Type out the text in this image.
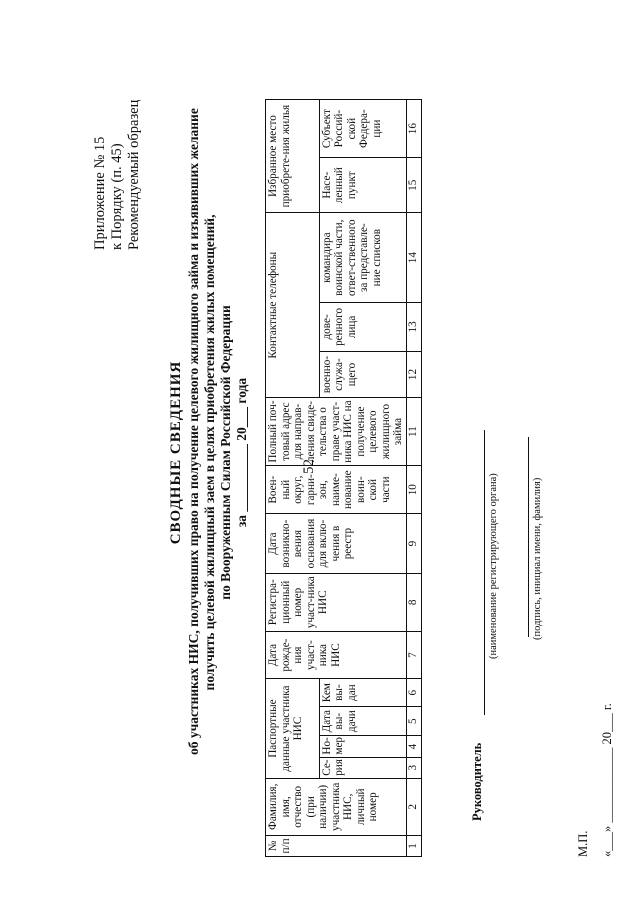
52
Приложение № 15 к Порядку (п. 45) Рекомендуемый образец
СВОДНЫЕ СВЕДЕНИЯ об участниках НИС, получивших право на получение целевого жилищного займа и изъявивших желание получить целевой жилищный заем в целях приобретения жилых помещений, по Вооруженным Силам Российской Федерации за __________ 20___ года
№ п/п	Фамилия, имя, отчество (при наличии) участника НИС, личный номер	Паспортные данные участника НИС				Дата рожде-ния участ-ника НИС	Регистра-ционный номер участ-ника НИС	Дата возникно-вения основания для вклю-чения в реестр	Воен-ный округ, гарни-зон, наиме-нование воин-ской части	Полный поч-товый адрес для направ-ления свиде-тельства о праве участ-ника НИС на получение целевого жилищного займа	Контактные телефоны			Избранное место приобрете-ния жилья	
		Се-рия	Но-мер	Дата вы-дачи	Кем вы-дан						военно-служа-щего	дове-ренного лица	командира воинской части, ответ-ственного за представле-ние списков	Насе-ленный пункт	Субъект Россий-ской Федера-ции
1	2	3	4	5	6	7	8	9	10	11	12	13	14	15	16
Руководитель
(наименование регистрирующего органа)	(подпись, инициал имени, фамилия)
М.П. «___» ____________ 20___ г.
